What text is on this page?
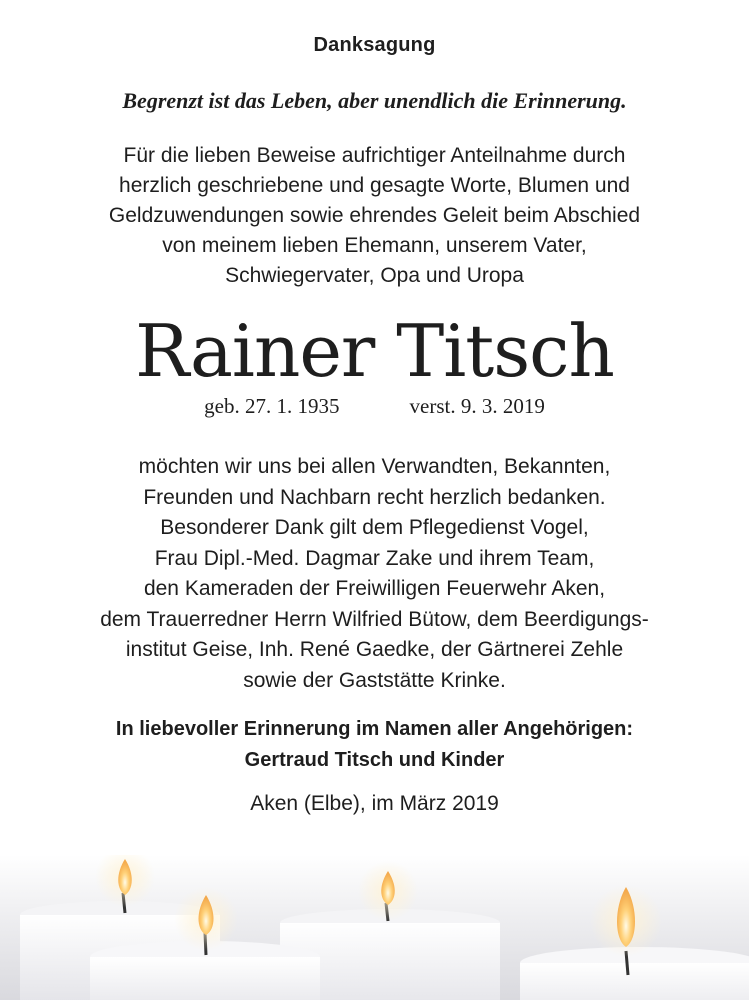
Danksagung
Begrenzt ist das Leben, aber unendlich die Erinnerung.
Für die lieben Beweise aufrichtiger Anteilnahme durch
herzlich geschriebene und gesagte Worte, Blumen und
Geldzuwendungen sowie ehrendes Geleit beim Abschied
von meinem lieben Ehemann, unserem Vater,
Schwiegervater, Opa und Uropa
Rainer Titsch
geb. 27. 1. 1935	verst. 9. 3. 2019
möchten wir uns bei allen Verwandten, Bekannten,
Freunden und Nachbarn recht herzlich bedanken.
Besonderer Dank gilt dem Pflegedienst Vogel,
Frau Dipl.-Med. Dagmar Zake und ihrem Team,
den Kameraden der Freiwilligen Feuerwehr Aken,
dem Trauerredner Herrn Wilfried Bütow, dem Beerdigungs-
institut Geise, Inh. René Gaedke, der Gärtnerei Zehle
sowie der Gaststätte Krinke.
In liebevoller Erinnerung im Namen aller Angehörigen:
Gertraud Titsch und Kinder
Aken (Elbe), im März 2019
